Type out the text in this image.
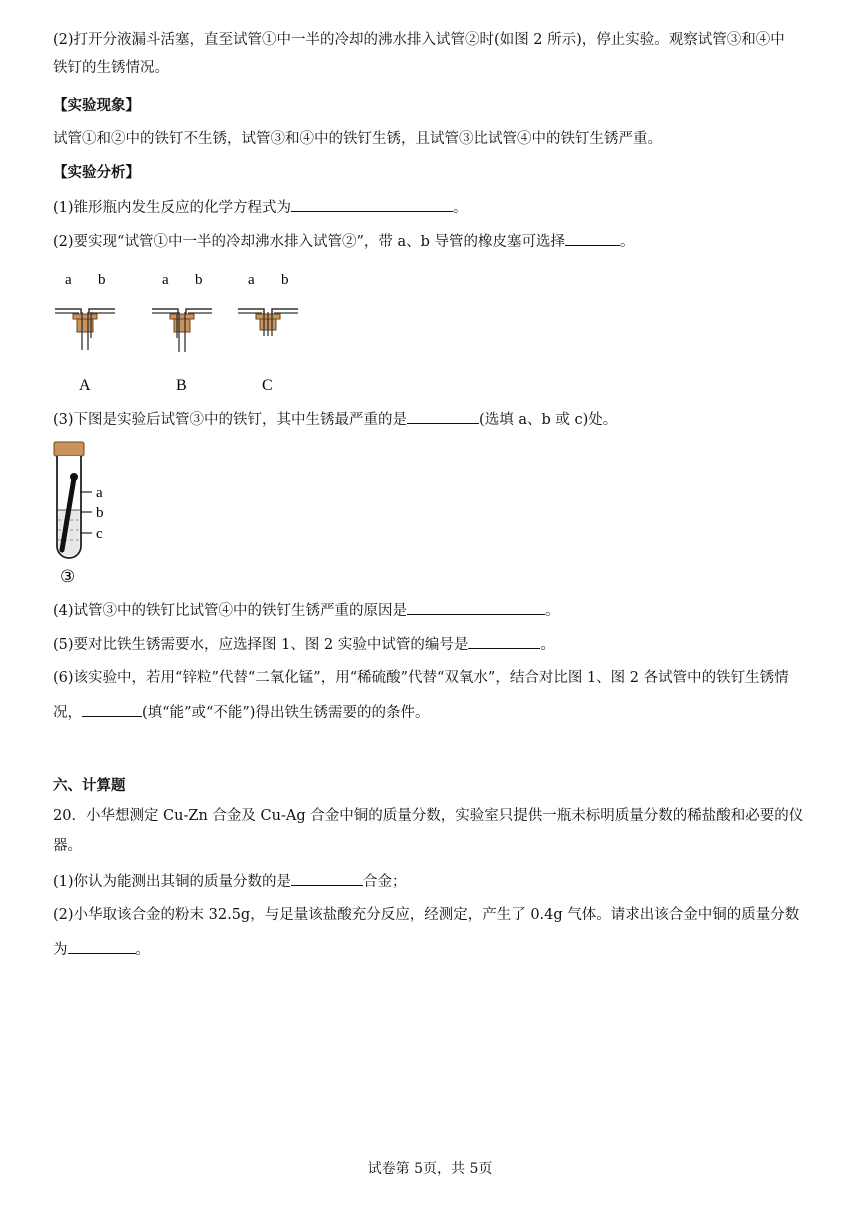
(2)打开分液漏斗活塞，直至试管①中一半的冷却的沸水排入试管②时(如图 2 所示)，停止实验。观察试管③和④中
铁钉的生锈情况。
【实验现象】
试管①和②中的铁钉不生锈，试管③和④中的铁钉生锈，且试管③比试管④中的铁钉生锈严重。
【实验分析】
(1)锥形瓶内发生反应的化学方程式为	。
(2)要实现“试管①中一半的冷却沸水排入试管②”，带 a、b 导管的橡皮塞可选择	。
a b
A
a b
B
a b
C
(3)下图是实验后试管③中的铁钉，其中生锈最严重的是	(选填 a、b 或 c)处。
a
b
c
③
(4)试管③中的铁钉比试管④中的铁钉生锈严重的原因是	。
(5)要对比铁生锈需要水，应选择图 1、图 2 实验中试管的编号是	。
(6)该实验中，若用“锌粒”代替“二氧化锰”，用“稀硫酸”代替“双氧水”，结合对比图 1、图 2 各试管中的铁钉生锈情
况，	(填“能”或“不能”)得出铁生锈需要的的条件。
六、计算题
20．小华想测定 Cu-Zn 合金及 Cu-Ag 合金中铜的质量分数，实验室只提供一瓶未标明质量分数的稀盐酸和必要的仪
器。
(1)你认为能测出其铜的质量分数的是	合金；
(2)小华取该合金的粉末 32.5g，与足量该盐酸充分反应，经测定，产生了 0.4g 气体。请求出该合金中铜的质量分数
为	。
试卷第 5页，共 5页
